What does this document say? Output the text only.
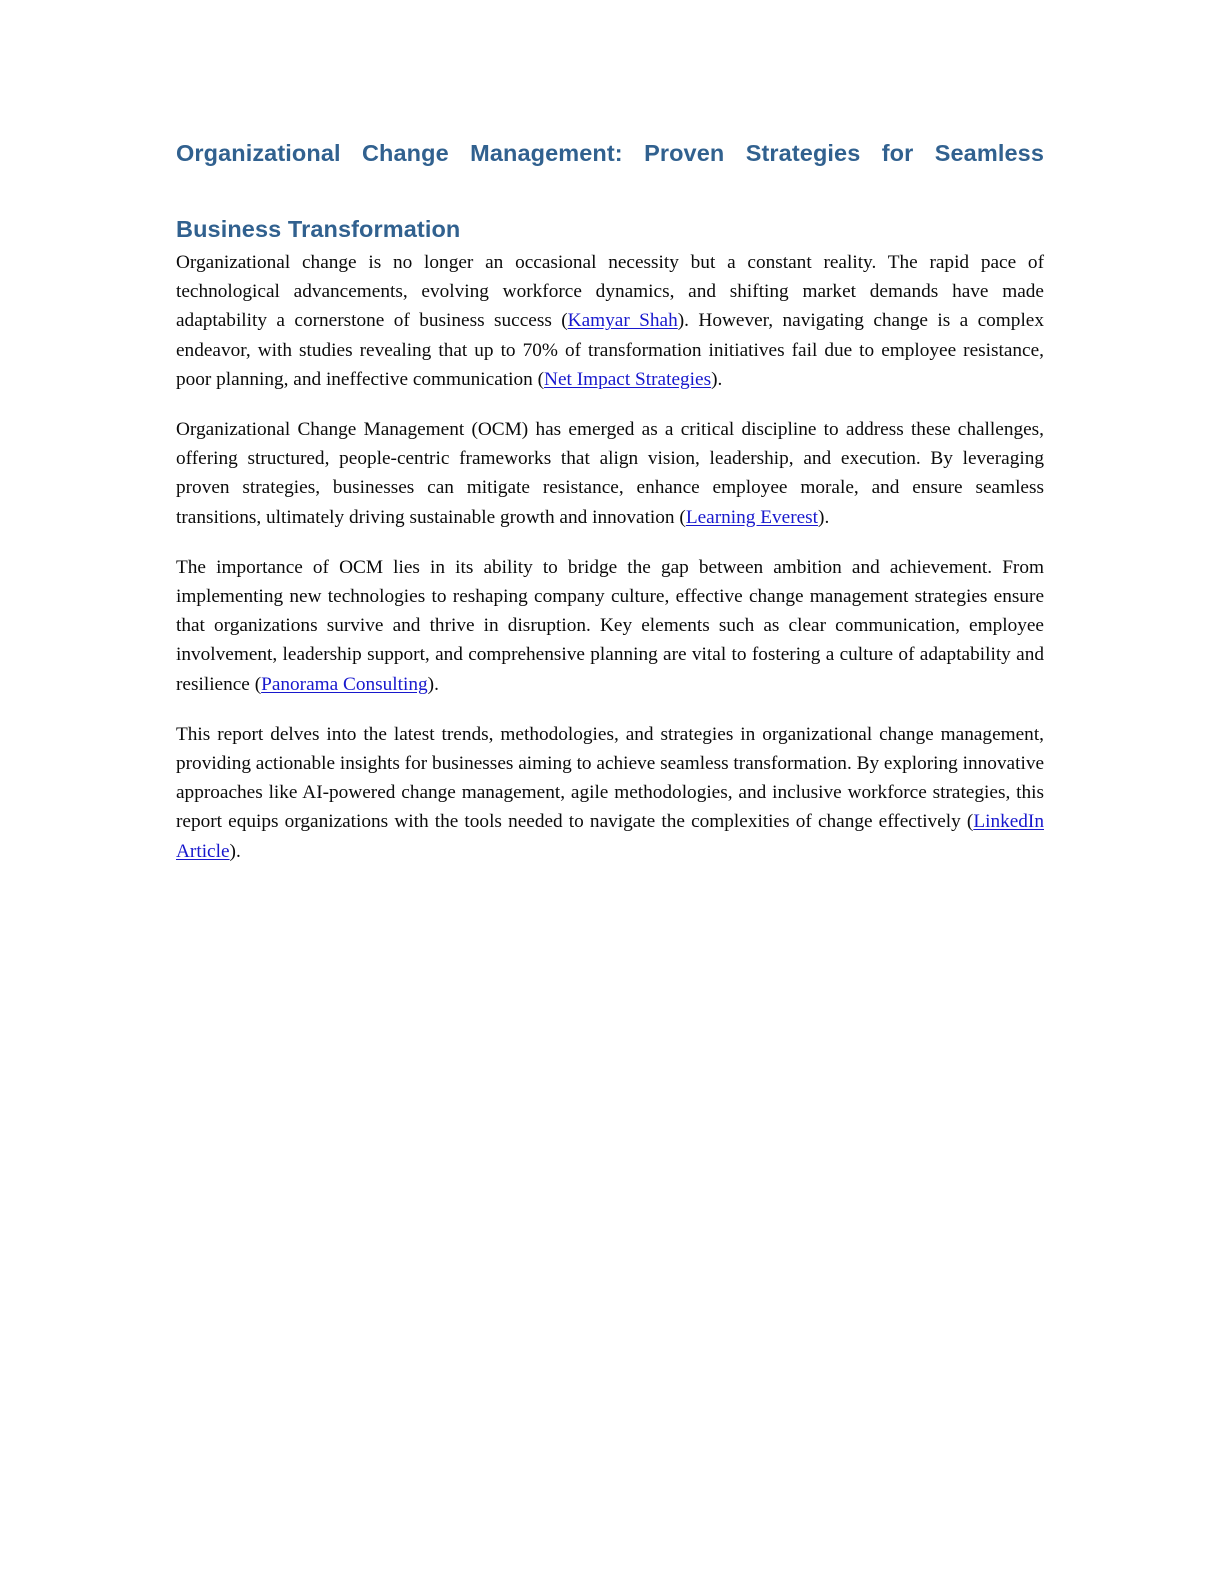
Organizational Change Management: Proven Strategies for Seamless
Business Transformation

Organizational change is no longer an occasional necessity but a constant reality. The rapid pace of technological advancements, evolving workforce dynamics, and shifting market demands have made adaptability a cornerstone of business success (Kamyar Shah). However, navigating change is a complex endeavor, with studies revealing that up to 70% of transformation initiatives fail due to employee resistance, poor planning, and ineffective communication (Net Impact Strategies).

Organizational Change Management (OCM) has emerged as a critical discipline to address these challenges, offering structured, people-centric frameworks that align vision, leadership, and execution. By leveraging proven strategies, businesses can mitigate resistance, enhance employee morale, and ensure seamless transitions, ultimately driving sustainable growth and innovation (Learning Everest).

The importance of OCM lies in its ability to bridge the gap between ambition and achievement. From implementing new technologies to reshaping company culture, effective change management strategies ensure that organizations survive and thrive in disruption. Key elements such as clear communication, employee involvement, leadership support, and comprehensive planning are vital to fostering a culture of adaptability and resilience (Panorama Consulting).

This report delves into the latest trends, methodologies, and strategies in organizational change management, providing actionable insights for businesses aiming to achieve seamless transformation. By exploring innovative approaches like AI-powered change management, agile methodologies, and inclusive workforce strategies, this report equips organizations with the tools needed to navigate the complexities of change effectively (LinkedIn Article).
